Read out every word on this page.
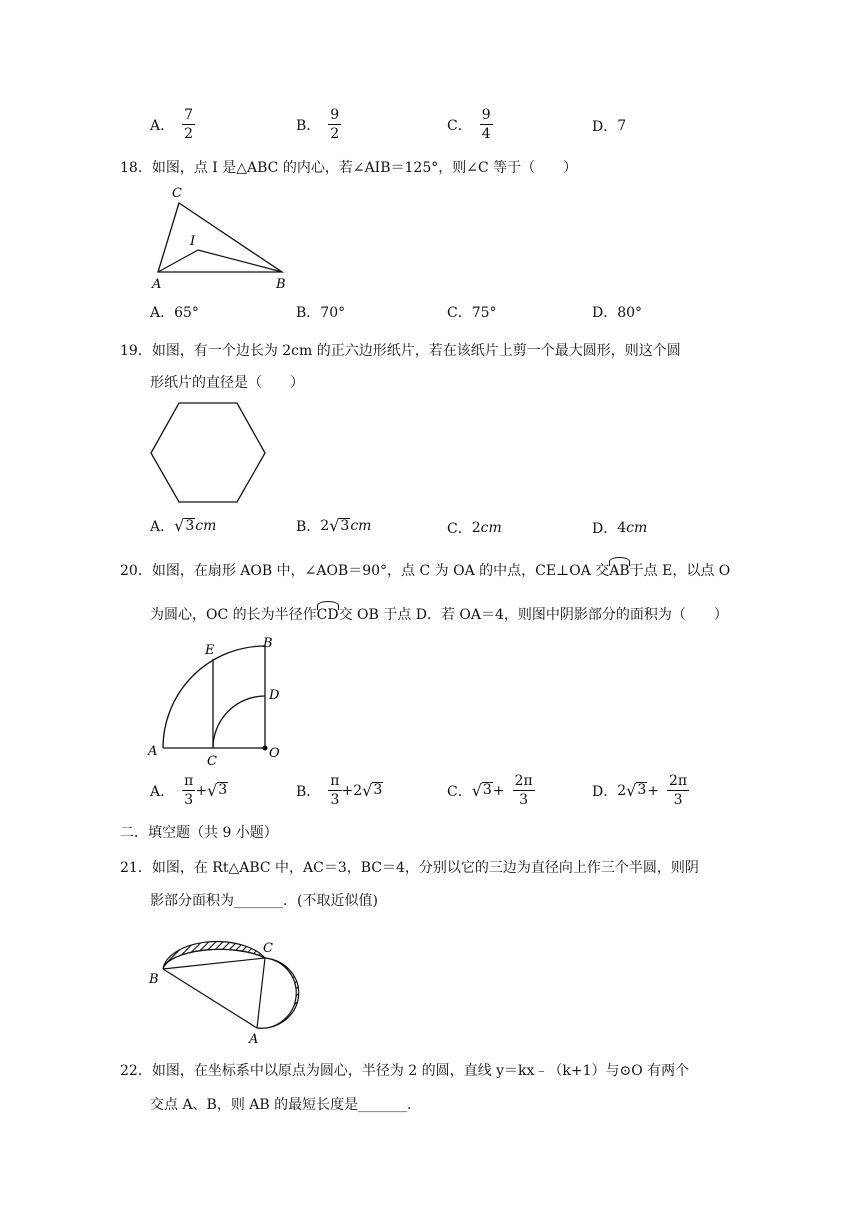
A． $\frac{7}{2}$	B． $\frac{9}{2}$	C． $\frac{9}{4}$	D． 7
18．如图，点 I 是△ABC 的内心，若∠AIB＝125°，则∠C 等于（　　）
C
I
A	B
A．65°	B．70°	C．75°	D．80°
19．如图，有一个边长为 2cm 的正六边形纸片，若在该纸片上剪一个最大圆形，则这个圆
形纸片的直径是（　　）
A． √ 3 cm	B． 2 √ 3 cm	C． 2 cm	D． 4 cm
20．如图，在扇形 AOB 中，∠AOB＝90°，点 C 为 OA 的中点，CE⊥OA 交AB于点 E，以点 O
为圆心，OC 的长为半径作CD交 OB 于点 D．若 OA＝4，则图中阴影部分的面积为（　　）
E	B
D
A
C
O
A． $\frac{\pi}{3}$ + √ 3	B． $\frac{\pi}{3} +2$ √ 3	C． √ $3 + \frac{2\pi}{3}$	D． 2 √ $3 + \frac{2\pi}{3}$
二．填空题（共 9 小题）
21．如图，在 Rt△ABC 中，AC＝3，BC＝4，分别以它的三边为直径向上作三个半圆，则阴
影部分面积为_______．(不取近似值)
B
C
A
22．如图，在坐标系中以原点为圆心，半径为 2 的圆，直线 y＝kx﹣（k+1）与⊙O 有两个
交点 A、B，则 AB 的最短长度是_______．
